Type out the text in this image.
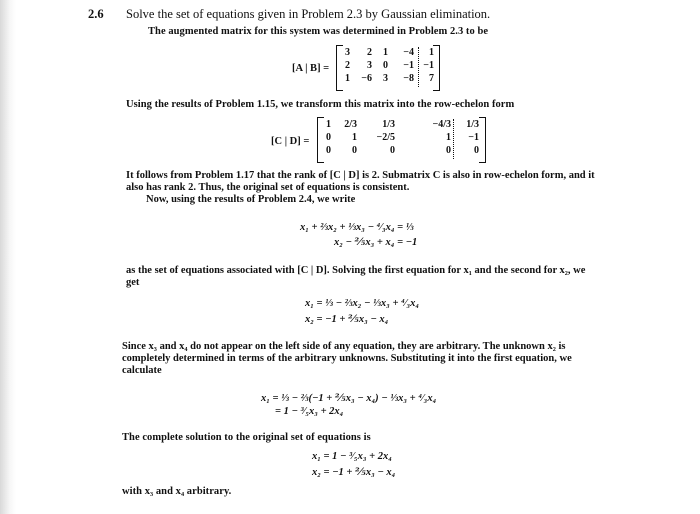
2.6 Solve the set of equations given in Problem 2.3 by Gaussian elimination.
The augmented matrix for this system was determined in Problem 2.3 to be
[A | B] =
3	2	1	−4	1
2	3	0	−1 −1
1	−6	3	−8	7
Using the results of Problem 1.15, we transform this matrix into the row-echelon form
[C | D] =
1	2/3	1/3	−4/3	1/3
0	1	−2/5	1	−1
0	0	0	0	0
It follows from Problem 1.17 that the rank of [C | D] is 2. Submatrix C is also in row-echelon form, and it
also has rank 2. Thus, the original set of equations is consistent.
Now, using the results of Problem 2.4, we write
x₁ + ⅔x₂ + ⅓x₃ − ⁴⁄₃x₄ = ⅓
x₂ − ⅖x₃ + x₄ = −1
as the set of equations associated with [C | D]. Solving the first equation for x₁ and the second for x₂, we
get
x₁ = ⅓ − ⅔x₂ − ⅓x₃ + ⁴⁄₃x₄
x₂ = −1 + ⅖x₃ − x₄
Since x₃ and x₄ do not appear on the left side of any equation, they are arbitrary. The unknown x₂ is
completely determined in terms of the arbitrary unknowns. Substituting it into the first equation, we
calculate
x₁ = ⅓ − ⅔(−1 + ⅖x₃ − x₄) − ⅓x₃ + ⁴⁄₃x₄
= 1 − ³⁄₅x₃ + 2x₄
The complete solution to the original set of equations is
x₁ = 1 − ³⁄₅x₃ + 2x₄
x₂ = −1 + ⅖x₃ − x₄
with x₃ and x₄ arbitrary.
